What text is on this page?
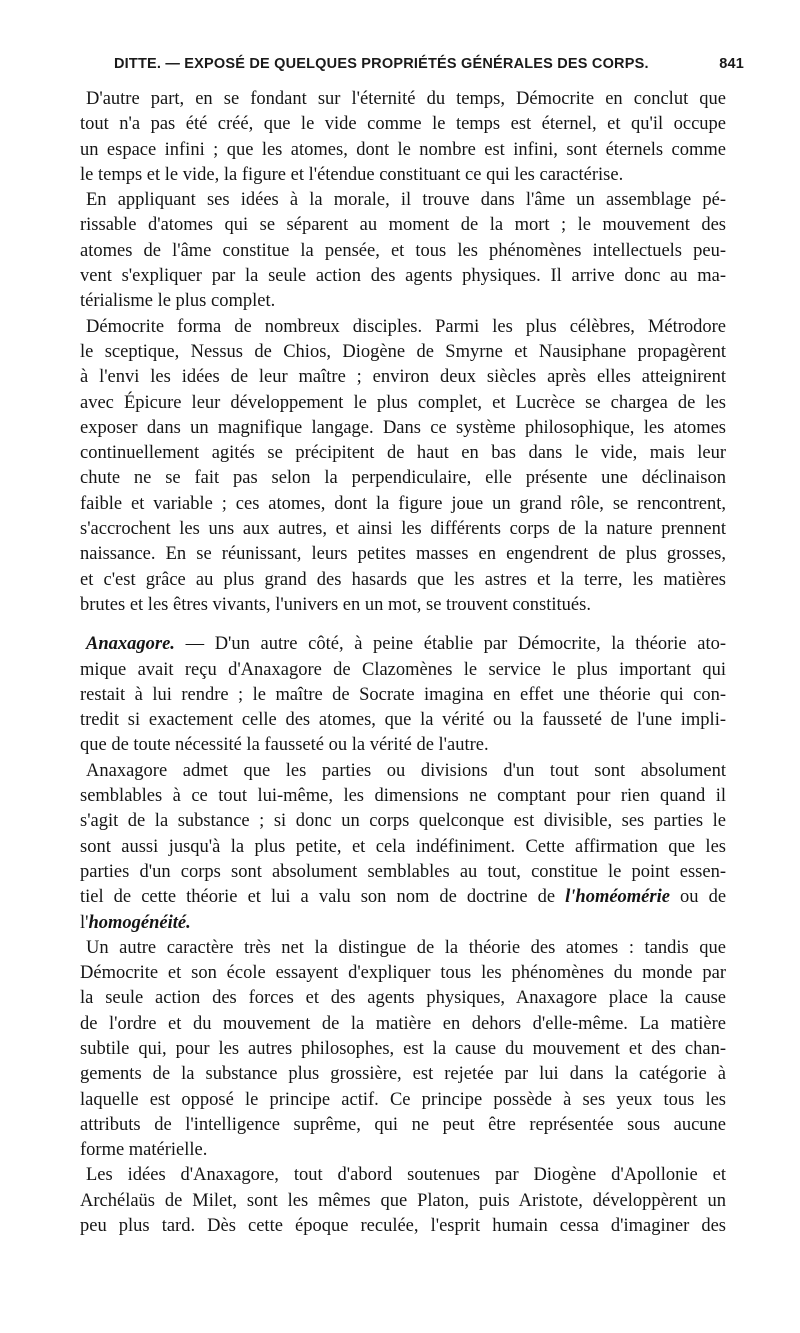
DITTE. — EXPOSÉ DE QUELQUES PROPRIÉTÉS GÉNÉRALES DES CORPS.	841
D'autre part, en se fondant sur l'éternité du temps, Démocrite en conclut que
tout n'a pas été créé, que le vide comme le temps est éternel, et qu'il occupe
un espace infini ; que les atomes, dont le nombre est infini, sont éternels comme
le temps et le vide, la figure et l'étendue constituant ce qui les caractérise.
En appliquant ses idées à la morale, il trouve dans l'âme un assemblage pé-
rissable d'atomes qui se séparent au moment de la mort ; le mouvement des
atomes de l'âme constitue la pensée, et tous les phénomènes intellectuels peu-
vent s'expliquer par la seule action des agents physiques. Il arrive donc au ma-
térialisme le plus complet.
Démocrite forma de nombreux disciples. Parmi les plus célèbres, Métrodore
le sceptique, Nessus de Chios, Diogène de Smyrne et Nausiphane propagèrent
à l'envi les idées de leur maître ; environ deux siècles après elles atteignirent
avec Épicure leur développement le plus complet, et Lucrèce se chargea de les
exposer dans un magnifique langage. Dans ce système philosophique, les atomes
continuellement agités se précipitent de haut en bas dans le vide, mais leur
chute ne se fait pas selon la perpendiculaire, elle présente une déclinaison
faible et variable ; ces atomes, dont la figure joue un grand rôle, se rencontrent,
s'accrochent les uns aux autres, et ainsi les différents corps de la nature prennent
naissance. En se réunissant, leurs petites masses en engendrent de plus grosses,
et c'est grâce au plus grand des hasards que les astres et la terre, les matières
brutes et les êtres vivants, l'univers en un mot, se trouvent constitués.
Anaxagore. — D'un autre côté, à peine établie par Démocrite, la théorie ato-
mique avait reçu d'Anaxagore de Clazomènes le service le plus important qui
restait à lui rendre ; le maître de Socrate imagina en effet une théorie qui con-
tredit si exactement celle des atomes, que la vérité ou la fausseté de l'une impli-
que de toute nécessité la fausseté ou la vérité de l'autre.
Anaxagore admet que les parties ou divisions d'un tout sont absolument
semblables à ce tout lui-même, les dimensions ne comptant pour rien quand il
s'agit de la substance ; si donc un corps quelconque est divisible, ses parties le
sont aussi jusqu'à la plus petite, et cela indéfiniment. Cette affirmation que les
parties d'un corps sont absolument semblables au tout, constitue le point essen-
tiel de cette théorie et lui a valu son nom de doctrine de l'homéomérie ou de
l'homogénéité.
Un autre caractère très net la distingue de la théorie des atomes : tandis que
Démocrite et son école essayent d'expliquer tous les phénomènes du monde par
la seule action des forces et des agents physiques, Anaxagore place la cause
de l'ordre et du mouvement de la matière en dehors d'elle-même. La matière
subtile qui, pour les autres philosophes, est la cause du mouvement et des chan-
gements de la substance plus grossière, est rejetée par lui dans la catégorie à
laquelle est opposé le principe actif. Ce principe possède à ses yeux tous les
attributs de l'intelligence suprême, qui ne peut être représentée sous aucune
forme matérielle.
Les idées d'Anaxagore, tout d'abord soutenues par Diogène d'Apollonie et
Archélaüs de Milet, sont les mêmes que Platon, puis Aristote, développèrent un
peu plus tard. Dès cette époque reculée, l'esprit humain cessa d'imaginer des
